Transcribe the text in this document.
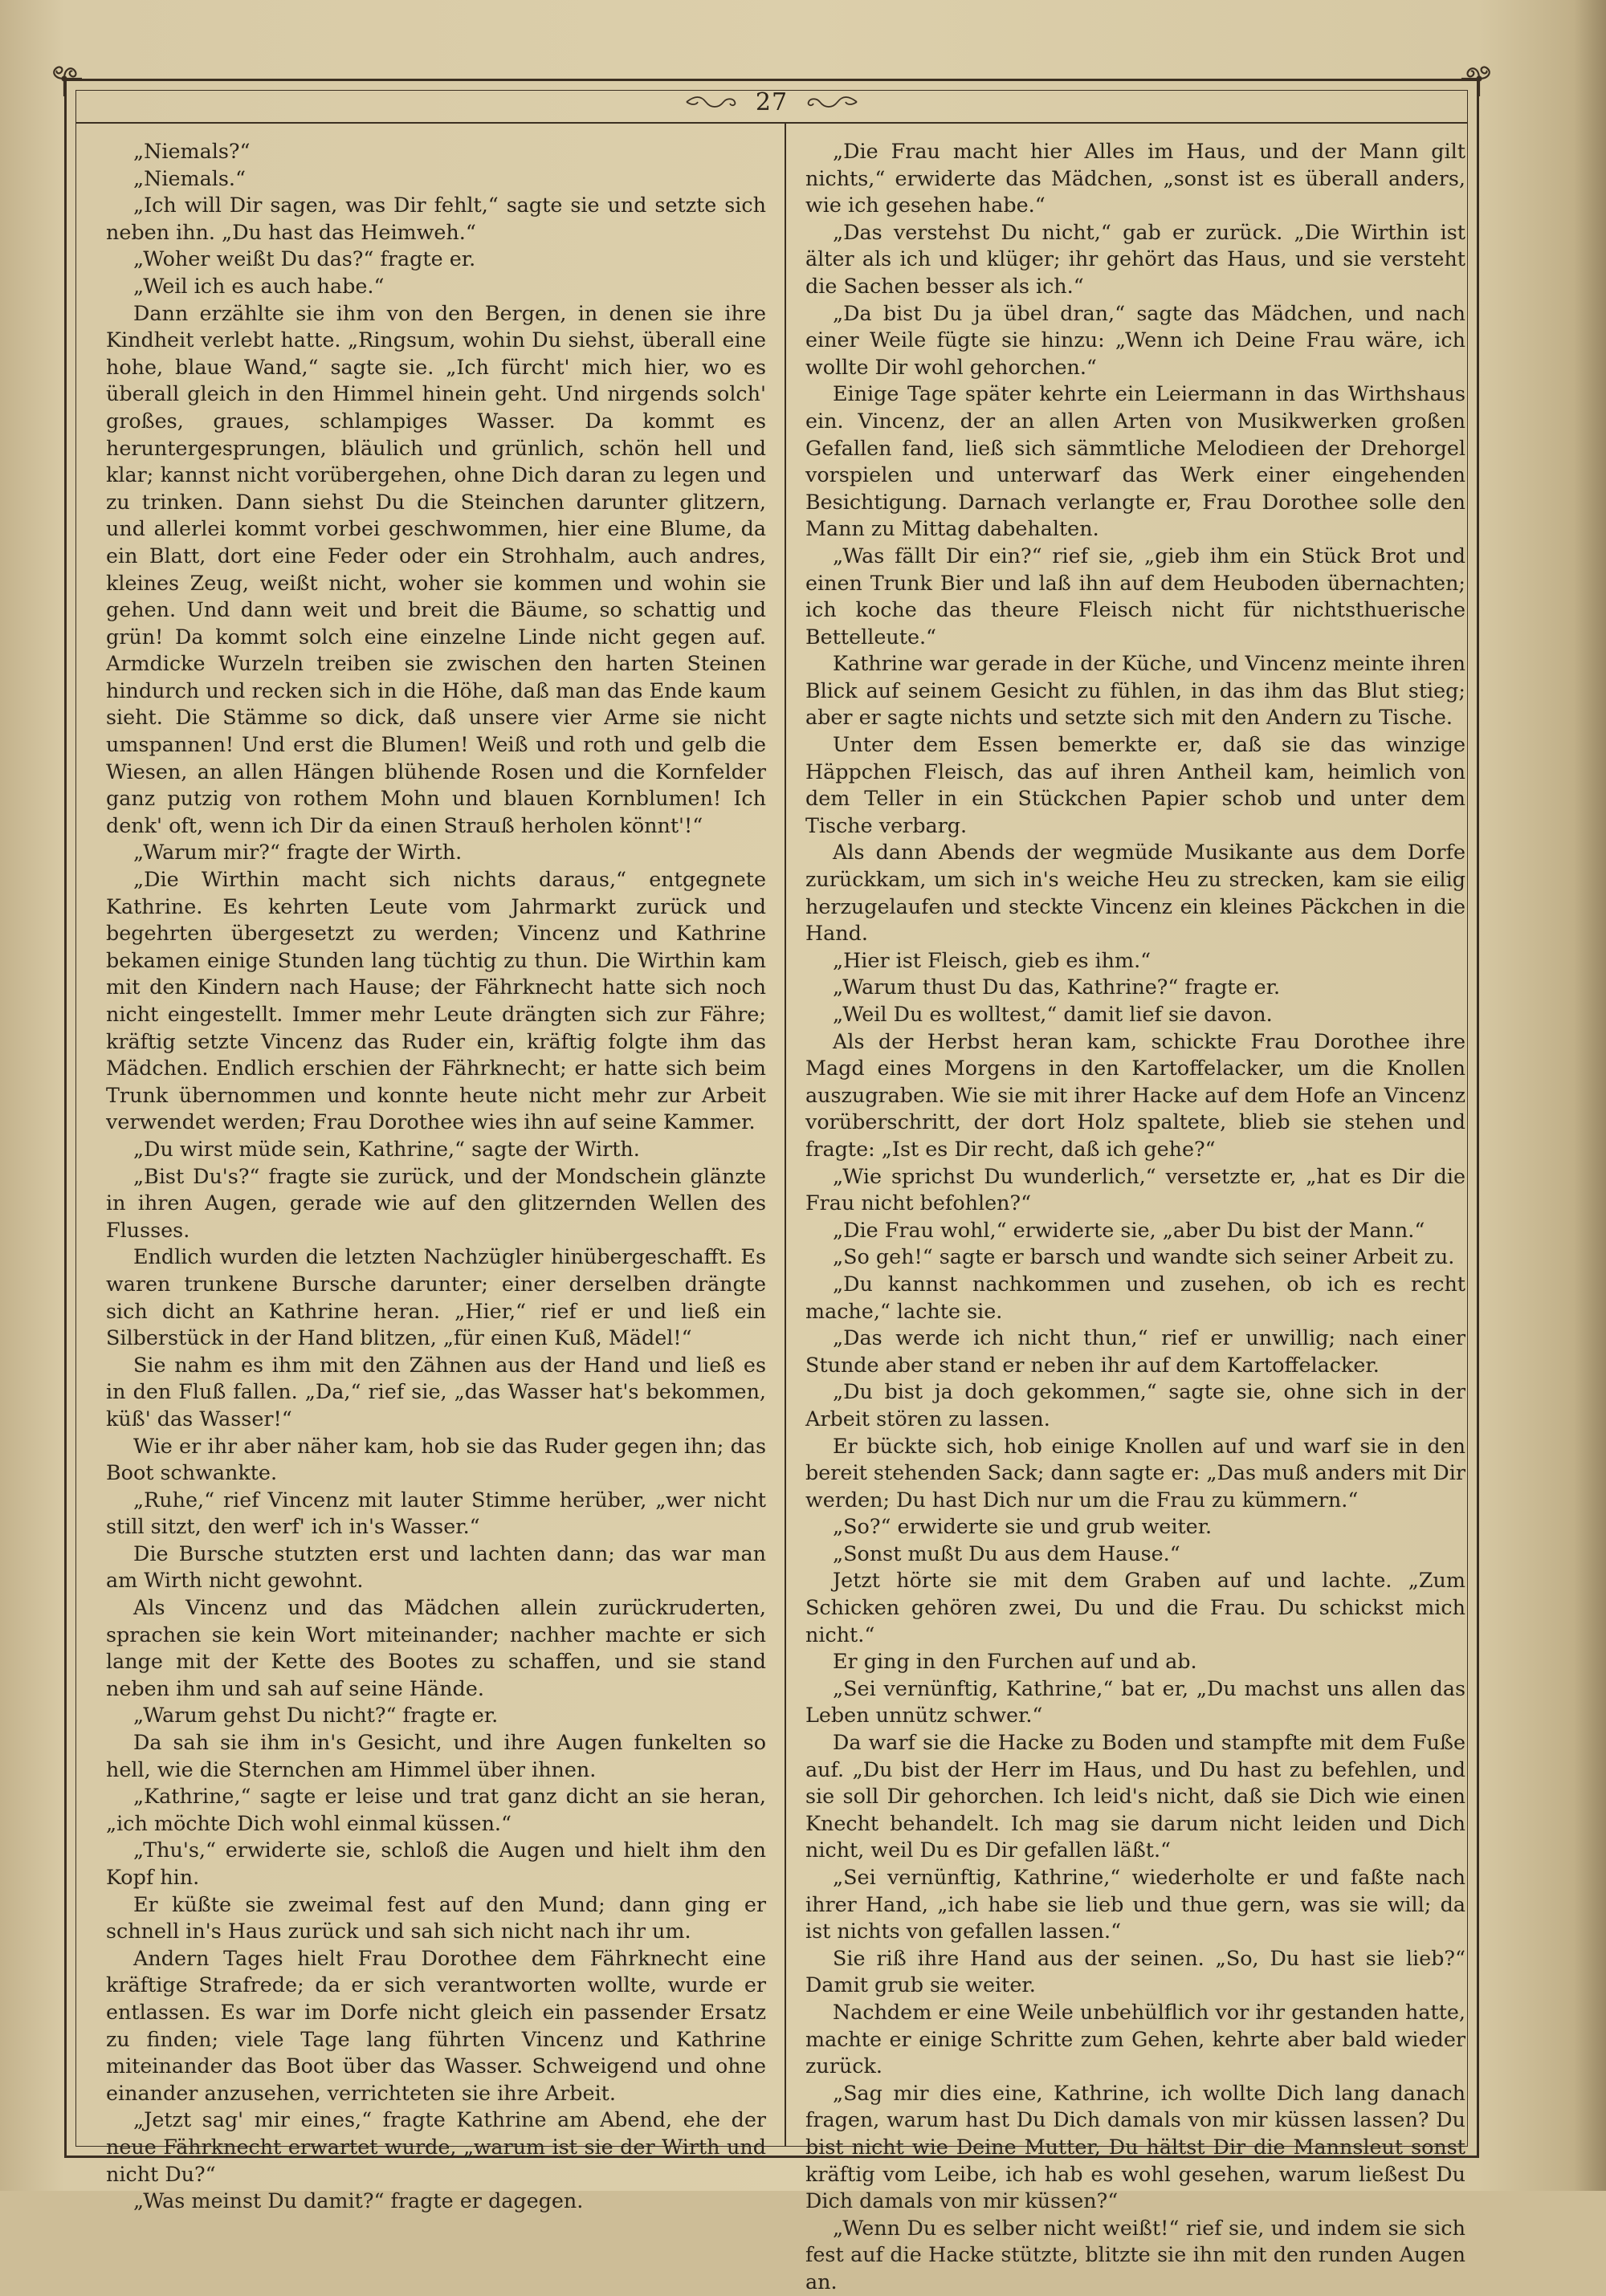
27

„Niemals?“

„Niemals.“

„Ich will Dir sagen, was Dir fehlt,“ sagte sie und setzte sich neben ihn. „Du hast das Heimweh.“

„Woher weißt Du das?“ fragte er.

„Weil ich es auch habe.“

Dann erzählte sie ihm von den Bergen, in denen sie ihre Kindheit verlebt hatte. „Ringsum, wohin Du siehst, überall eine hohe, blaue Wand,“ sagte sie. „Ich fürcht' mich hier, wo es überall gleich in den Himmel hinein geht. Und nirgends solch' großes, graues, schlampiges Wasser. Da kommt es heruntergesprungen, bläulich und grünlich, schön hell und klar; kannst nicht vorübergehen, ohne Dich daran zu legen und zu trinken. Dann siehst Du die Steinchen darunter glitzern, und allerlei kommt vorbei geschwommen, hier eine Blume, da ein Blatt, dort eine Feder oder ein Strohhalm, auch andres, kleines Zeug, weißt nicht, woher sie kommen und wohin sie gehen. Und dann weit und breit die Bäume, so schattig und grün! Da kommt solch eine einzelne Linde nicht gegen auf. Armdicke Wurzeln treiben sie zwischen den harten Steinen hindurch und recken sich in die Höhe, daß man das Ende kaum sieht. Die Stämme so dick, daß unsere vier Arme sie nicht umspannen! Und erst die Blumen! Weiß und roth und gelb die Wiesen, an allen Hängen blühende Rosen und die Kornfelder ganz putzig von rothem Mohn und blauen Kornblumen! Ich denk' oft, wenn ich Dir da einen Strauß herholen könnt'!“

„Warum mir?“ fragte der Wirth.

„Die Wirthin macht sich nichts daraus,“ entgegnete Kathrine. Es kehrten Leute vom Jahrmarkt zurück und begehrten übergesetzt zu werden; Vincenz und Kathrine bekamen einige Stunden lang tüchtig zu thun. Die Wirthin kam mit den Kindern nach Hause; der Fährknecht hatte sich noch nicht eingestellt. Immer mehr Leute drängten sich zur Fähre; kräftig setzte Vincenz das Ruder ein, kräftig folgte ihm das Mädchen. Endlich erschien der Fährknecht; er hatte sich beim Trunk übernommen und konnte heute nicht mehr zur Arbeit verwendet werden; Frau Dorothee wies ihn auf seine Kammer.

„Du wirst müde sein, Kathrine,“ sagte der Wirth.

„Bist Du's?“ fragte sie zurück, und der Mondschein glänzte in ihren Augen, gerade wie auf den glitzernden Wellen des Flusses.

Endlich wurden die letzten Nachzügler hinübergeschafft. Es waren trunkene Bursche darunter; einer derselben drängte sich dicht an Kathrine heran. „Hier,“ rief er und ließ ein Silberstück in der Hand blitzen, „für einen Kuß, Mädel!“

Sie nahm es ihm mit den Zähnen aus der Hand und ließ es in den Fluß fallen. „Da,“ rief sie, „das Wasser hat's bekommen, küß' das Wasser!“

Wie er ihr aber näher kam, hob sie das Ruder gegen ihn; das Boot schwankte.

„Ruhe,“ rief Vincenz mit lauter Stimme herüber, „wer nicht still sitzt, den werf' ich in's Wasser.“

Die Bursche stutzten erst und lachten dann; das war man am Wirth nicht gewohnt.

Als Vincenz und das Mädchen allein zurückruderten, sprachen sie kein Wort miteinander; nachher machte er sich lange mit der Kette des Bootes zu schaffen, und sie stand neben ihm und sah auf seine Hände.

„Warum gehst Du nicht?“ fragte er.

Da sah sie ihm in's Gesicht, und ihre Augen funkelten so hell, wie die Sternchen am Himmel über ihnen.

„Kathrine,“ sagte er leise und trat ganz dicht an sie heran, „ich möchte Dich wohl einmal küssen.“

„Thu's,“ erwiderte sie, schloß die Augen und hielt ihm den Kopf hin.

Er küßte sie zweimal fest auf den Mund; dann ging er schnell in's Haus zurück und sah sich nicht nach ihr um.

Andern Tages hielt Frau Dorothee dem Fährknecht eine kräftige Strafrede; da er sich verantworten wollte, wurde er entlassen. Es war im Dorfe nicht gleich ein passender Ersatz zu finden; viele Tage lang führten Vincenz und Kathrine miteinander das Boot über das Wasser. Schweigend und ohne einander anzusehen, verrichteten sie ihre Arbeit.

„Jetzt sag' mir eines,“ fragte Kathrine am Abend, ehe der neue Fährknecht erwartet wurde, „warum ist sie der Wirth und nicht Du?“

„Was meinst Du damit?“ fragte er dagegen.

„Die Frau macht hier Alles im Haus, und der Mann gilt nichts,“ erwiderte das Mädchen, „sonst ist es überall anders, wie ich gesehen habe.“

„Das verstehst Du nicht,“ gab er zurück. „Die Wirthin ist älter als ich und klüger; ihr gehört das Haus, und sie versteht die Sachen besser als ich.“

„Da bist Du ja übel dran,“ sagte das Mädchen, und nach einer Weile fügte sie hinzu: „Wenn ich Deine Frau wäre, ich wollte Dir wohl gehorchen.“

Einige Tage später kehrte ein Leiermann in das Wirthshaus ein. Vincenz, der an allen Arten von Musikwerken großen Gefallen fand, ließ sich sämmtliche Melodieen der Drehorgel vorspielen und unterwarf das Werk einer eingehenden Besichtigung. Darnach verlangte er, Frau Dorothee solle den Mann zu Mittag dabehalten.

„Was fällt Dir ein?“ rief sie, „gieb ihm ein Stück Brot und einen Trunk Bier und laß ihn auf dem Heuboden übernachten; ich koche das theure Fleisch nicht für nichtsthuerische Bettelleute.“

Kathrine war gerade in der Küche, und Vincenz meinte ihren Blick auf seinem Gesicht zu fühlen, in das ihm das Blut stieg; aber er sagte nichts und setzte sich mit den Andern zu Tische.

Unter dem Essen bemerkte er, daß sie das winzige Häppchen Fleisch, das auf ihren Antheil kam, heimlich von dem Teller in ein Stückchen Papier schob und unter dem Tische verbarg.

Als dann Abends der wegmüde Musikante aus dem Dorfe zurückkam, um sich in's weiche Heu zu strecken, kam sie eilig herzugelaufen und steckte Vincenz ein kleines Päckchen in die Hand.

„Hier ist Fleisch, gieb es ihm.“

„Warum thust Du das, Kathrine?“ fragte er.

„Weil Du es wolltest,“ damit lief sie davon.

Als der Herbst heran kam, schickte Frau Dorothee ihre Magd eines Morgens in den Kartoffelacker, um die Knollen auszugraben. Wie sie mit ihrer Hacke auf dem Hofe an Vincenz vorüberschritt, der dort Holz spaltete, blieb sie stehen und fragte: „Ist es Dir recht, daß ich gehe?“

„Wie sprichst Du wunderlich,“ versetzte er, „hat es Dir die Frau nicht befohlen?“

„Die Frau wohl,“ erwiderte sie, „aber Du bist der Mann.“

„So geh!“ sagte er barsch und wandte sich seiner Arbeit zu.

„Du kannst nachkommen und zusehen, ob ich es recht mache,“ lachte sie.

„Das werde ich nicht thun,“ rief er unwillig; nach einer Stunde aber stand er neben ihr auf dem Kartoffelacker.

„Du bist ja doch gekommen,“ sagte sie, ohne sich in der Arbeit stören zu lassen.

Er bückte sich, hob einige Knollen auf und warf sie in den bereit stehenden Sack; dann sagte er: „Das muß anders mit Dir werden; Du hast Dich nur um die Frau zu kümmern.“

„So?“ erwiderte sie und grub weiter.

„Sonst mußt Du aus dem Hause.“

Jetzt hörte sie mit dem Graben auf und lachte. „Zum Schicken gehören zwei, Du und die Frau. Du schickst mich nicht.“

Er ging in den Furchen auf und ab.

„Sei vernünftig, Kathrine,“ bat er, „Du machst uns allen das Leben unnütz schwer.“

Da warf sie die Hacke zu Boden und stampfte mit dem Fuße auf. „Du bist der Herr im Haus, und Du hast zu befehlen, und sie soll Dir gehorchen. Ich leid's nicht, daß sie Dich wie einen Knecht behandelt. Ich mag sie darum nicht leiden und Dich nicht, weil Du es Dir gefallen läßt.“

„Sei vernünftig, Kathrine,“ wiederholte er und faßte nach ihrer Hand, „ich habe sie lieb und thue gern, was sie will; da ist nichts von gefallen lassen.“

Sie riß ihre Hand aus der seinen. „So, Du hast sie lieb?“ Damit grub sie weiter.

Nachdem er eine Weile unbehülflich vor ihr gestanden hatte, machte er einige Schritte zum Gehen, kehrte aber bald wieder zurück.

„Sag mir dies eine, Kathrine, ich wollte Dich lang danach fragen, warum hast Du Dich damals von mir küssen lassen? Du bist nicht wie Deine Mutter, Du hältst Dir die Mannsleut sonst kräftig vom Leibe, ich hab es wohl gesehen, warum ließest Du Dich damals von mir küssen?“

„Wenn Du es selber nicht weißt!“ rief sie, und indem sie sich fest auf die Hacke stützte, blitzte sie ihn mit den runden Augen an.
